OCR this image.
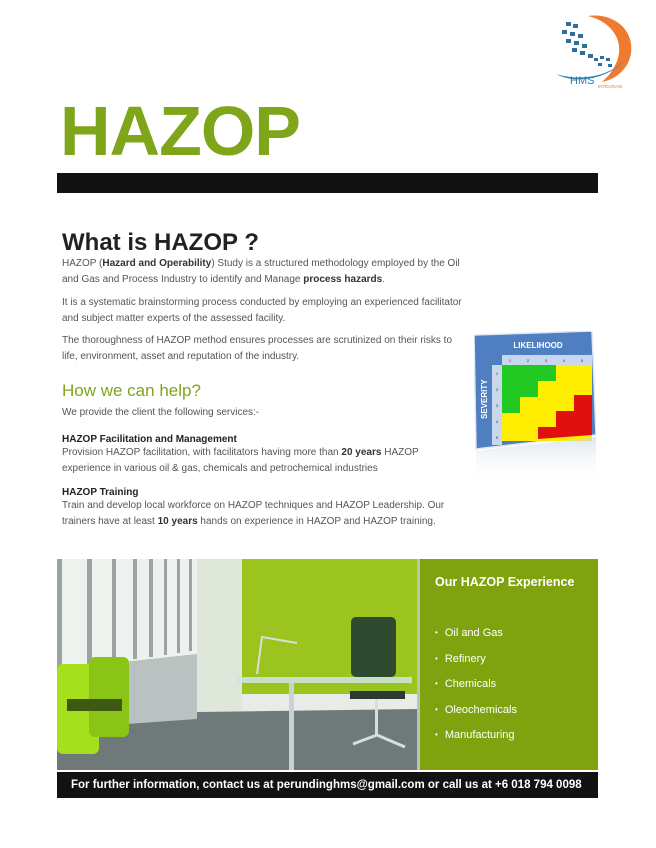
HMS INTEGRASI
HAZOP
What is HAZOP ?
HAZOP (Hazard and Operability) Study is a structured methodology employed by the Oil and Gas and Process Industry to identify and Manage process hazards.
It is a systematic brainstorming process conducted by employing an experienced facilitator and subject matter experts of the assessed facility.
The thoroughness of HAZOP method ensures processes are scrutinized on their risks to life, environment, asset and reputation of the industry.
How we can help?
We provide the client the following services:-
HAZOP Facilitation and Management
Provision HAZOP facilitation, with facilitators having more than 20 years HAZOP experience in various oil & gas, chemicals and petrochemical industries
HAZOP Training
Train and develop local workforce on HAZOP techniques and HAZOP Leadership. Our trainers have at least 10 years hands on experience in HAZOP and HAZOP training.
LIKELIHOOD
1	2	3	4	5
1
2
3
4
5
SEVERITY
Our HAZOP Experience
• Oil and Gas
• Refinery
• Chemicals
• Oleochemicals
• Manufacturing
For further information, contact us at perundinghms@gmail.com or call us at +6 018 794 0098
